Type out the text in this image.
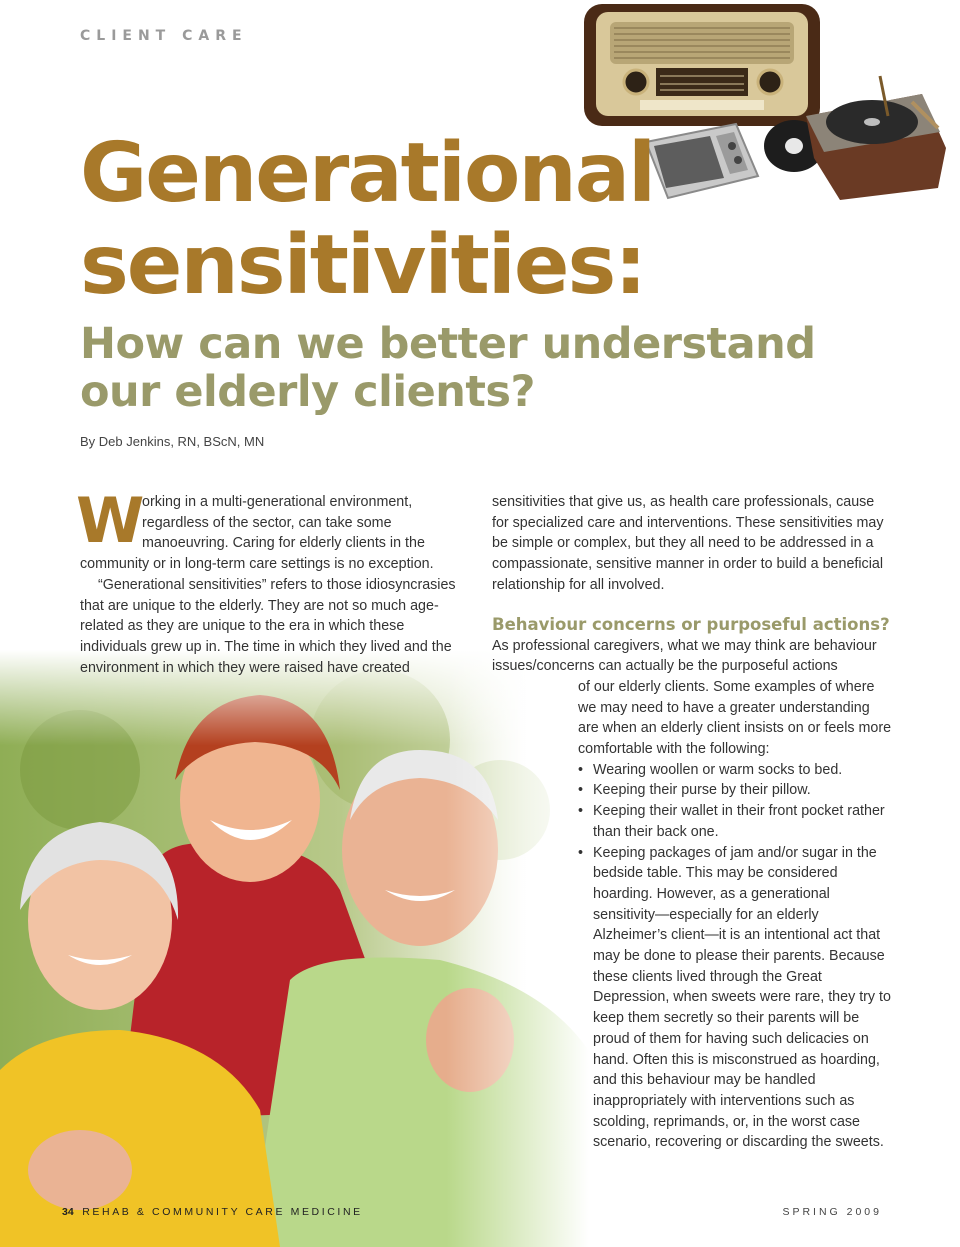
CLIENT CARE
Generational
sensitivities:
How can we better understand
our elderly clients?
By Deb Jenkins, RN, BScN, MN

W
orking in a multi-generational environment, regardless of the sector, can take some manoeuvring. Caring for elderly clients in the community or in long-term care settings is no exception.

“Generational sensitivities” refers to those idiosyncrasies that are unique to the elderly. They are not so much age-related as they are unique to the era in which these individuals grew up in. The time in which they lived and the environment in which they were raised have created

sensitivities that give us, as health care professionals, cause for specialized care and interventions. These sensitivities may be simple or complex, but they all need to be addressed in a compassionate, sensitive manner in order to build a beneficial relationship for all involved.

Behaviour concerns or purposeful actions?

As professional caregivers, what we may think are behaviour issues/concerns can actually be the purposeful actions

of our elderly clients. Some examples of where we may need to have a greater understanding are when an elderly client insists on or feels more comfortable with the following:

• Wearing woollen or warm socks to bed.
• Keeping their purse by their pillow.
• Keeping their wallet in their front pocket rather than their back one.
• Keeping packages of jam and/or sugar in the bedside table. This may be considered hoarding. However, as a generational sensitivity—especially for an elderly Alzheimer’s client—it is an intentional act that may be done to please their parents. Because these clients lived through the Great Depression, when sweets were rare, they try to keep them secretly so their parents will be proud of them for having such delicacies on hand. Often this is misconstrued as hoarding, and this behaviour may be handled inappropriately with interventions such as scolding, reprimands, or, in the worst case scenario, recovering or discarding the sweets.
34 REHAB & COMMUNITY CARE MEDICINE	SPRING 2009
